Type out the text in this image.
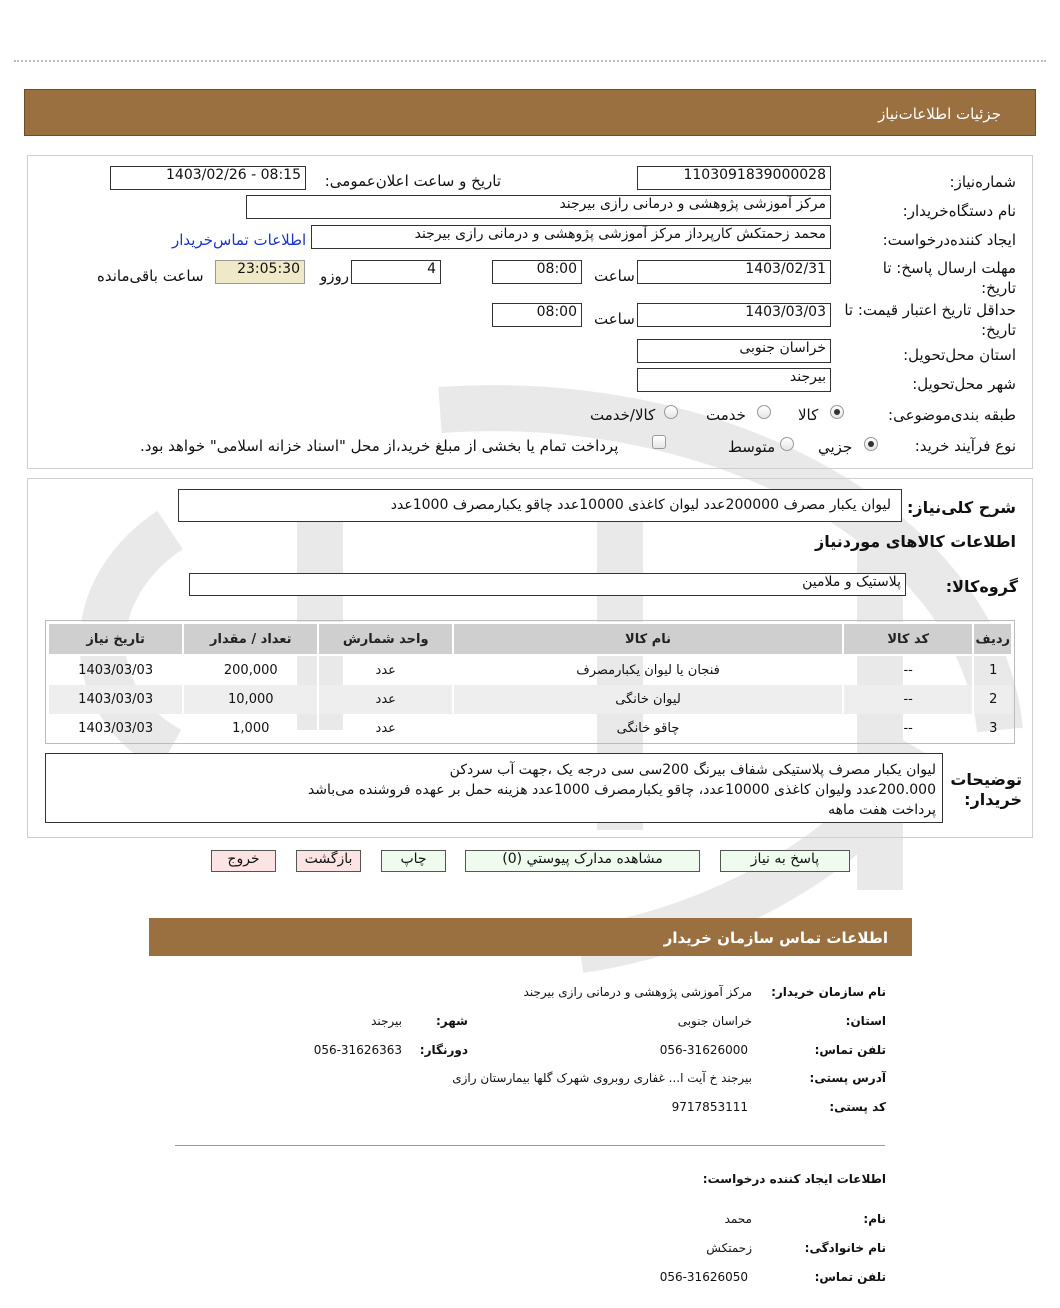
جزئیات اطلاعات‌نیاز
شماره‌نیاز:
1103091839000028
تاریخ و ساعت اعلان‌عمومی:
1403/02/26 - 08:15
نام دستگاه‌خریدار:
مرکز آموزشی پژوهشی و درمانی رازی بیرجند
ایجاد کننده‌درخواست:
محمد زحمتکش کارپرداز مرکز آموزشی پژوهشی و درمانی رازی بیرجند
اطلاعات تماس‌خریدار
مهلت ارسال پاسخ: تا
تاریخ:
1403/02/31
ساعت
08:00
4
روزو
23:05:30
ساعت باقی‌مانده
حداقل تاریخ اعتبار قیمت: تا
تاریخ:
1403/03/03
ساعت
08:00
استان محل‌تحویل:
خراسان جنوبی
شهر محل‌تحویل:
بیرجند
طبقه بندی‌موضوعی:
کالا
خدمت
کالا/خدمت
نوع فرآیند خرید:
جزیي
متوسط
پرداخت تمام یا بخشی از مبلغ خرید،از محل "اسناد خزانه اسلامی" خواهد بود.
شرح کلی‌نیاز:
لیوان یکبار مصرف 200000عدد لیوان کاغذی 10000عدد چاقو یکبارمصرف 1000عدد
اطلاعات کالاهای موردنیاز
گروه‌کالا:
پلاستیک و ملامین
ردیف	کد کالا	نام کالا	واحد شمارش	تعداد / مقدار	تاریخ نیاز
1	--	فنجان یا لیوان یکبارمصرف	عدد	200,000	1403/03/03
2	--	لیوان خانگی	عدد	10,000	1403/03/03
3	--	چاقو خانگی	عدد	1,000	1403/03/03
توضیحات
خریدار:
لیوان یکبار مصرف پلاستیکی شفاف بیرنگ 200سی سی درجه یک ،جهت آب سردکن
200.000عدد ولیوان کاغذی 10000عدد، چاقو یکبارمصرف 1000عدد هزینه حمل بر عهده فروشنده می‌باشد
پرداخت هفت ماهه
پاسخ به نیاز
مشاهده مدارک پیوستي (0)
چاپ
بازگشت
خروج
اطلاعات تماس سازمان خریدار
نام سازمان خریدار:
مرکز آموزشی پژوهشی و درمانی رازی بیرجند
استان:
خراسان جنوبی
شهر:
بیرجند
تلفن تماس:
056-31626000
دورنگار:
056-31626363
آدرس پستی:
بیرجند خ آیت ا... غفاری روبروی شهرک گلها بیمارستان رازی
کد پستی:
9717853111
اطلاعات ایجاد کننده درخواست:
نام:
محمد
نام خانوادگی:
زحمتکش
تلفن تماس:
056-31626050
